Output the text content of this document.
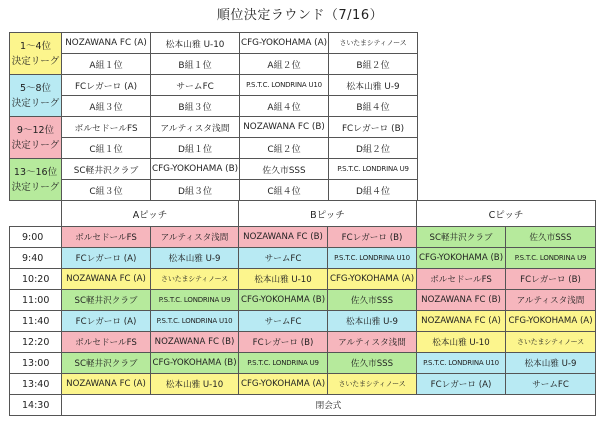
順位決定ラウンド（7/16）
1～4位
決定リーグ	NOZAWANA FC (A)	松本山雅 U-10	CFG-YOKOHAMA (A)	さいたまシティノース
	A組１位	B組１位	A組２位	B組２位

5～8位
決定リーグ	FCレガーロ (A)	サームFC	P.S.T.C. LONDRINA U10	松本山雅 U-9
	A組３位	B組３位	A組４位	B組４位

9～12位
決定リーグ	ボルセドールFS	アルティスタ浅間	NOZAWANA FC (B)	FCレガーロ (B)
	C組１位	D組１位	C組２位	D組２位

13～16位
決定リーグ	SC軽井沢クラブ	CFG-YOKOHAMA (B)	佐久市SSS	P.S.T.C. LONDRINA U9
	C組３位	D組３位	C組４位	D組４位
	Aピッチ		Bピッチ		Cピッチ	
9:00	ボルセドールFS	アルティスタ浅間	NOZAWANA FC (B)	FCレガーロ (B)	SC軽井沢クラブ	佐久市SSS
9:40	FCレガーロ (A)	松本山雅 U-9	サームFC	P.S.T.C. LONDRINA U10	CFG-YOKOHAMA (B)	P.S.T.C. LONDRINA U9
10:20	NOZAWANA FC (A)	さいたまシティノース	松本山雅 U-10	CFG-YOKOHAMA (A)	ボルセドールFS	FCレガーロ (B)
11:00	SC軽井沢クラブ	P.S.T.C. LONDRINA U9	CFG-YOKOHAMA (B)	佐久市SSS	NOZAWANA FC (B)	アルティスタ浅間
11:40	FCレガーロ (A)	P.S.T.C. LONDRINA U10	サームFC	松本山雅 U-9	NOZAWANA FC (A)	CFG-YOKOHAMA (A)
12:20	ボルセドールFS	NOZAWANA FC (B)	FCレガーロ (B)	アルティスタ浅間	松本山雅 U-10	さいたまシティノース
13:00	SC軽井沢クラブ	CFG-YOKOHAMA (B)	P.S.T.C. LONDRINA U9	佐久市SSS	P.S.T.C. LONDRINA U10	松本山雅 U-9
13:40	NOZAWANA FC (A)	松本山雅 U-10	CFG-YOKOHAMA (A)	さいたまシティノース	FCレガーロ (A)	サームFC
14:30	閉会式					
